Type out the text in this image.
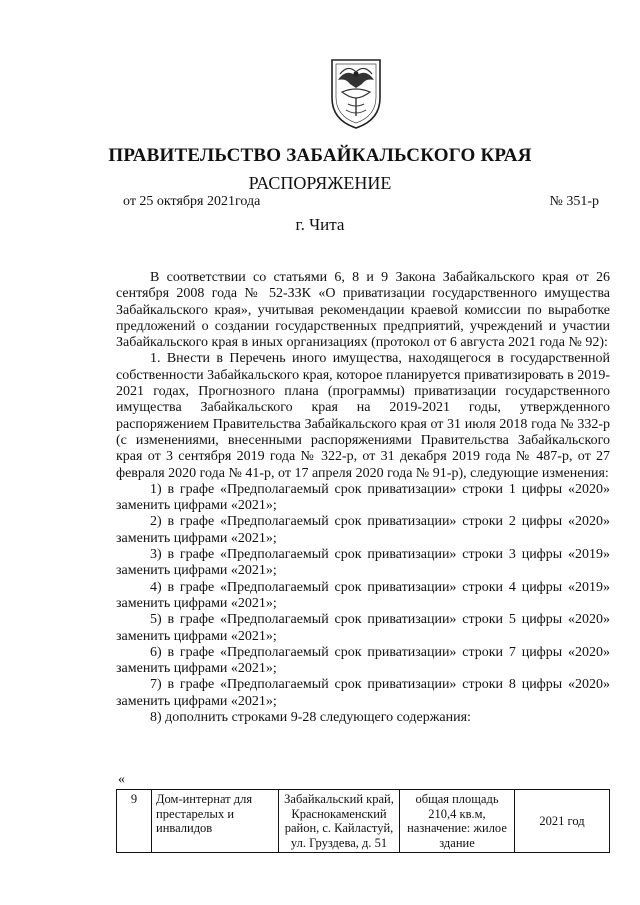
ПРАВИТЕЛЬСТВО ЗАБАЙКАЛЬСКОГО КРАЯ
РАСПОРЯЖЕНИЕ
от 25 октября 2021года	№ 351-р
г. Чита

В соответствии со статьями 6, 8 и 9 Закона Забайкальского края от 26 сентября 2008 года № 52-ЗЗК «О приватизации государственного имущества Забайкальского края», учитывая рекомендации краевой комиссии по выработке предложений о создании государственных предприятий, учреждений и участии Забайкальского края в иных организациях (протокол от 6 августа 2021 года № 92):

1. Внести в Перечень иного имущества, находящегося в государственной собственности Забайкальского края, которое планируется приватизировать в 2019-2021 годах, Прогнозного плана (программы) приватизации государственного имущества Забайкальского края на 2019-2021 годы, утвержденного распоряжением Правительства Забайкальского края от 31 июля 2018 года № 332-р (с изменениями, внесенными распоряжениями Правительства Забайкальского края от 3 сентября 2019 года № 322-р, от 31 декабря 2019 года № 487-р, от 27 февраля 2020 года № 41-р, от 17 апреля 2020 года № 91-р), следующие изменения:

1) в графе «Предполагаемый срок приватизации» строки 1 цифры «2020» заменить цифрами «2021»;

2) в графе «Предполагаемый срок приватизации» строки 2 цифры «2020» заменить цифрами «2021»;

3) в графе «Предполагаемый срок приватизации» строки 3 цифры «2019» заменить цифрами «2021»;

4) в графе «Предполагаемый срок приватизации» строки 4 цифры «2019» заменить цифрами «2021»;

5) в графе «Предполагаемый срок приватизации» строки 5 цифры «2020» заменить цифрами «2021»;

6) в графе «Предполагаемый срок приватизации» строки 7 цифры «2020» заменить цифрами «2021»;

7) в графе «Предполагаемый срок приватизации» строки 8 цифры «2020» заменить цифрами «2021»;

8) дополнить строками 9-28 следующего содержания:

«
9	Дом-интернат для престарелых и инвалидов	Забайкальский край, Краснокаменский район, с. Кайластуй, ул. Груздева, д. 51	общая площадь 210,4 кв.м, назначение: жилое здание	2021 год
